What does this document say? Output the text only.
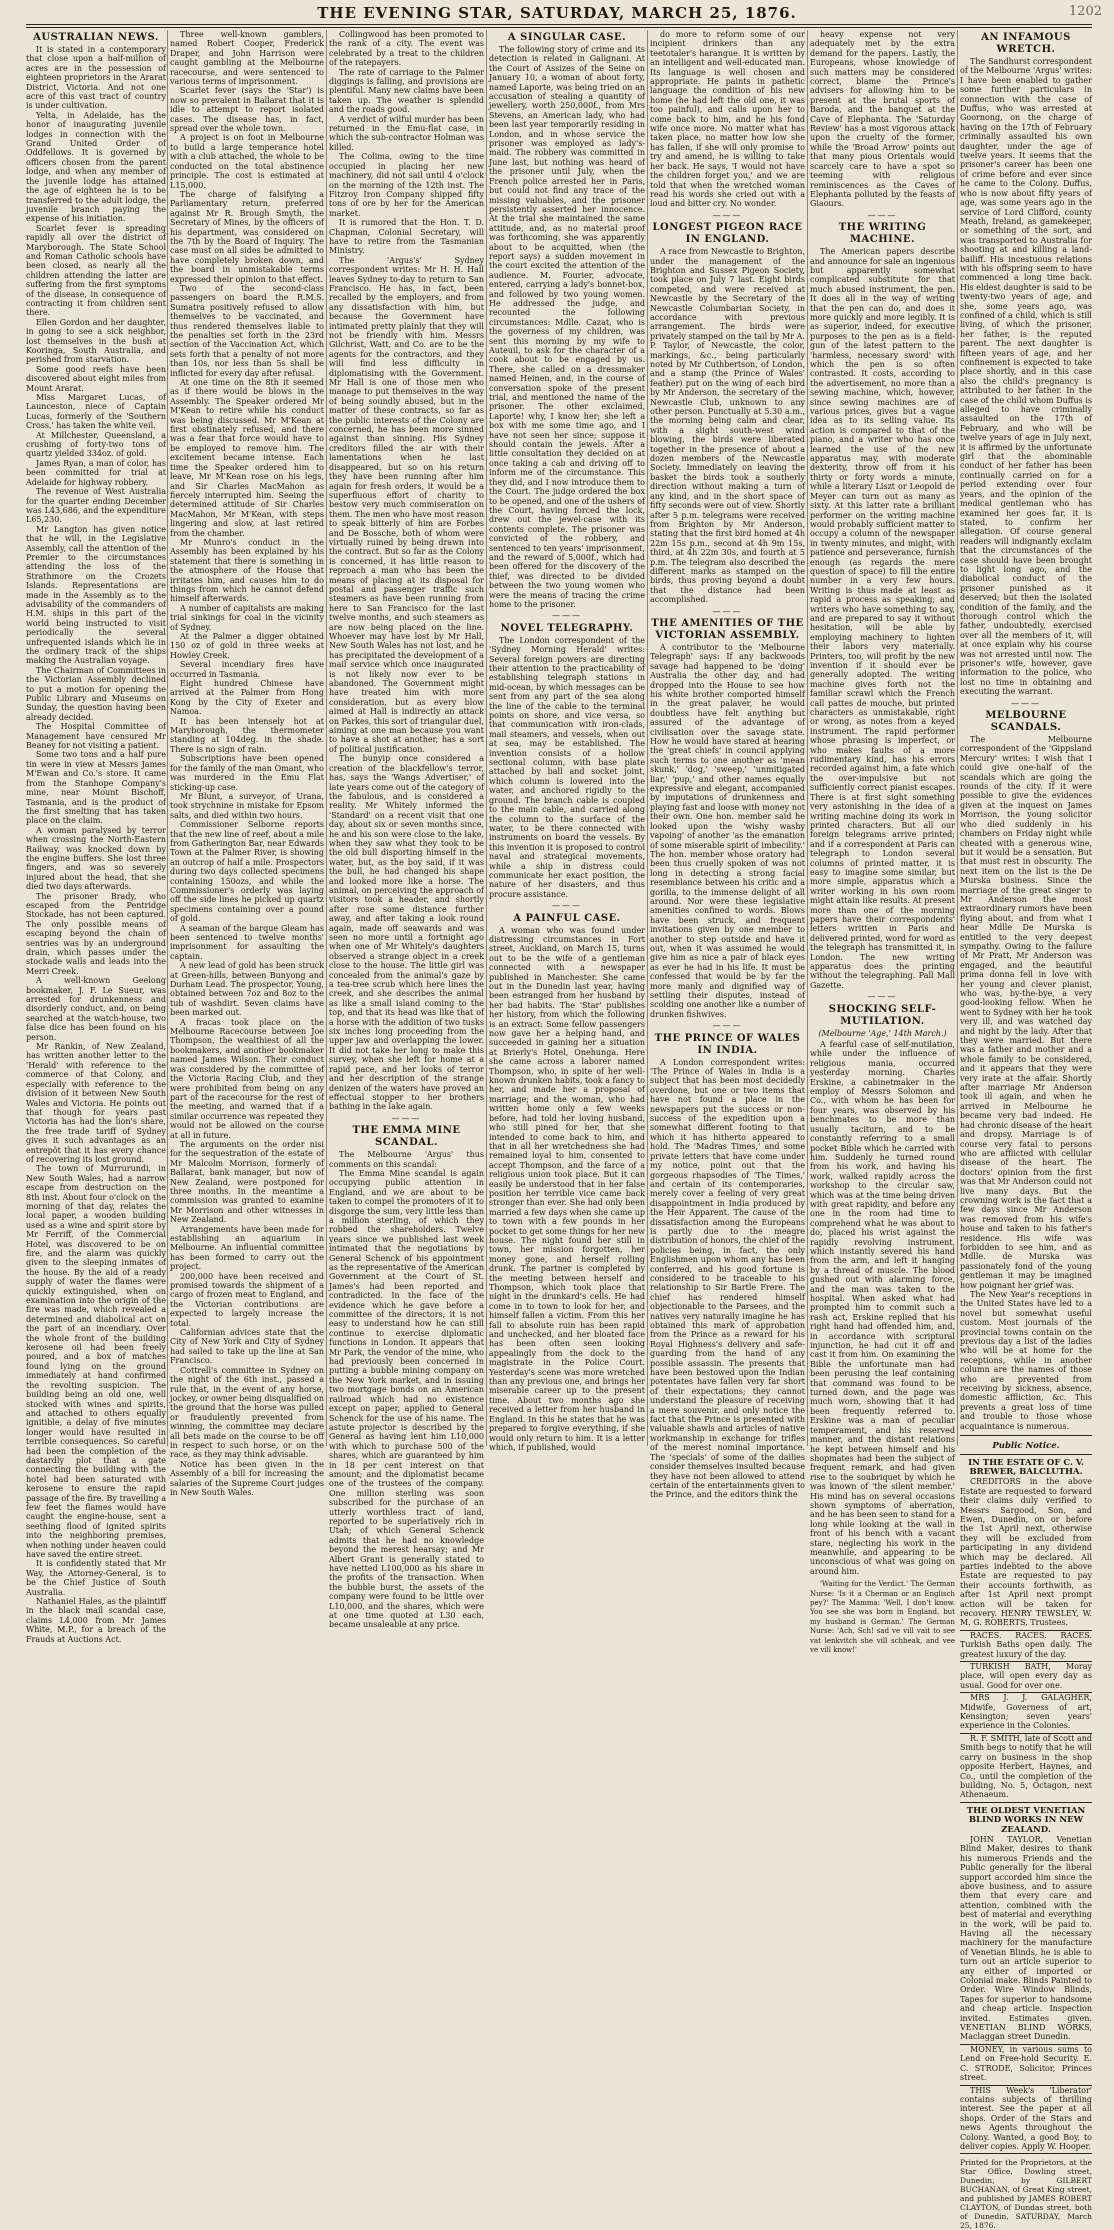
THE EVENING STAR, SATURDAY, MARCH 25, 1876.	1202
AUSTRALIAN NEWS.

It is stated in a contemporary that close upon a half-million of acres are in the possession of eighteen proprietors in the Ararat District, Victoria. And not one acre of this vast tract of country is under cultivation.

Yelta, in Adelaide, has the honor of inaugurating juvenile lodges in connection with the Grand United Order of Oddfellows. It is governed by officers chosen from the parent lodge, and when any member of the juvenile lodge has attained the age of eighteen he is to be transferred to the adult lodge, the juvenile branch paying the expense of his initiation.

Scarlet fever is spreading rapidly all over the district of Maryborough. The State School and Roman Catholic schools have been closed, as nearly all the children attending the latter are suffering from the first symptoms of the disease, in consequence of contracting it from children sent there.

Ellen Gordon and her daughter, in going to see a sick neighbor, lost themselves in the bush at Kooringa, South Australia, and perished from starvation.

Some good reefs have been discovered about eight miles from Mount Ararat.

Miss Margaret Lucas, of Launceston, niece of Captain Lucas, formerly of the 'Southern Cross,' has taken the white veil.

At Millchester, Queensland, a crushing of forty-two tons of quartz yielded 334oz. of gold.

James Ryan, a man of color, has been committed for trial at Adelaide for highway robbery.

The revenue of West Australia for the quarter ending December was L43,686, and the expenditure L65,230.

Mr Langton has given notice that he will, in the Legislative Assembly, call the attention of the Premier to the circumstances attending the loss of the Strathmore on the Crozets Islands. Representations are made in the Assembly as to the advisability of the commanders of H.M. ships in this part of the world being instructed to visit periodically the several unfrequented islands which lie in the ordinary track of the ships making the Australian voyage.

The Chairman of Committees in the Victorian Assembly declined to put a motion for opening the Public Library and Museums on Sunday, the question having been already decided.

The Hospital Committee of Management have censured Mr Beaney for not visiting a patient.

Some two tons and a half pure tin were in view at Messrs James M'Ewan and Co.'s store. It came from the Stanhope Company's mine, near Mount Bischoff, Tasmania, and is the product of the first smelting that has taken place on the claim.

A woman paralysed by terror when crossing the North-Eastern Railway, was knocked down by the engine buffers. She lost three fingers, and was so severely injured about the head, that she died two days afterwards.

The prisoner Brady, who escaped from the Pentridge Stockade, has not been captured. The only possible means of escaping beyond the chain of sentries was by an underground drain, which passes under the stockade walls and leads into the Merri Creek.

A well-known Geelong bookmaker, J. F. Le Sueur, was arrested for drunkenness and disorderly conduct, and, on being searched at the watch-house, two false dice has been found on his person.

Mr Rankin, of New Zealand, has written another letter to the 'Herald' with reference to the commerce of that Colony, and especially with reference to the division of it between New South Wales and Victoria. He points out that though for years past Victoria has had the lion's share, the free trade tariff of Sydney gives it such advantages as an entrepôt that it has every chance of recovering its lost ground.

The town of Murrurundi, in New South Wales, had a narrow escape from destruction on the 8th inst. About four o'clock on the morning of that day, relates the local paper, a wooden building used as a wine and spirit store by Mr Ferriff, of the Commercial Hotel, was discovered to be on fire, and the alarm was quickly given to the sleeping inmates of the house. By the aid of a ready supply of water the flames were quickly extinguished, when on examination into the origin of the fire was made, which revealed a determined and diabolical act on the part of an incendiary. Over the whole front of the building kerosene oil had been freely poured, and a box of matches found lying on the ground immediately at hand confirmed the revolting suspicion. The building being an old one, well stocked with wines and spirits, and attached to others equally ignitible, a delay of five minutes longer would have resulted in terrible consequences. So careful had been the completion of the dastardly plot that a gate connecting the building with the hotel had been saturated with kerosene to ensure the rapid passage of the fire. By travelling a few feet the flames would have caught the engine-house, sent a seething flood of ignited spirits into the neighboring premises, when nothing under heaven could have saved the entire street.

It is confidently stated that Mr Way, the Attorney-General, is to be the Chief Justice of South Australia.

Nathaniel Hales, as the plaintiff in the black mail scandal case, claims L4,000 from Mr James White, M.P., for a breach of the Frauds at Auctions Act.

Three well-known gamblers, named Robert Cooper, Frederick Draper, and John Harrison were caught gambling at the Melbourne racecourse, and were sentenced to various terms of imprisonment.

Scarlet fever (says the 'Star') is now so prevalent in Ballarat that it is idle to attempt to report isolated cases. The disease has, in fact, spread over the whole town.

A project is on foot in Melbourne to build a large temperance hotel with a club attached, the whole to be conducted on the total abstinence principle. The cost is estimated at L15,000.

The charge of falsifying a Parliamentary return, preferred against Mr R. Brough Smyth, the Secretary of Mines, by the officers of his department, was considered on the 7th by the Board of Inquiry. The case must on all sides be admitted to have completely broken down, and the board in unmistakable terms expressed their opinion to that effect.

Two of the second-class passengers on board the R.M.S. Sumatra positively refused to allow themselves to be vaccinated, and thus rendered themselves liable to the penalties set forth in the 23rd section of the Vaccination Act, which sets forth that a penalty of not more than 10s, nor less than 5s shall be inflicted for every day after refusal.

At one time on the 8th it seemed as if there would be blows in the Assembly. The Speaker ordered Mr M'Kean to retire while his conduct was being discussed. Mr M'Kean at first obstinately refused, and there was a fear that force would have to be employed to remove him. The excitement became intense. Each time the Speaker ordered him to leave, Mr M'Kean rose on his legs, and Sir Charles MacMahon as fiercely interrupted him. Seeing the determined attitude of Sir Charles MacMahon, Mr M'Kean, with steps lingering and slow, at last retired from the chamber.

Mr Munro's conduct in the Assembly has been explained by his statement that there is something in the atmosphere of the House that irritates him, and causes him to do things from which he cannot defend himself afterwards.

A number of capitalists are making trial sinkings for coal in the vicinity of Sydney.

At the Palmer a digger obtained 150 oz of gold in three weeks at Howley Creek.

Several incendiary fires have occurred in Tasmania.

Eight hundred Chinese have arrived at the Palmer from Hong Kong by the City of Exeter and Namoa.

It has been intensely hot at Maryborough, the thermometer standing at 104deg. in the shade. There is no sign of rain.

Subscriptions have been opened for the family of the man Omant, who was murdered in the Emu Flat sticking-up case.

Mr Blunt, a surveyor, of Urana, took strychnine in mistake for Epsom salts, and died within two hours.

Commissioner Selborne reports that the new line of reef, about a mile from Gatherington Bar, near Edwards Town at the Palmer River, is showing an outcrop of half a mile. Prospectors during two days collected specimens containing 150ozs, and while the Commissioner's orderly was laying off the side lines he picked up quartz specimens containing over a pound of gold.

A seaman of the barque Gleam has been sentenced to twelve months' imprisonment for assaulting the captain.

A new lead of gold has been struck at Green-hills, between Bunyong and Durham Lead. The prospector, Young, obtained between 7oz and 8oz to the tub of washdirt. Seven claims have been marked out.

A fracas took place on the Melbourne Racecourse between Joe Thompson, the wealthiest of all the bookmakers, and another bookmaker named James Wilson. Their conduct was considered by the committee of the Victoria Racing Club, and they were prohibited from being on any part of the racecourse for the rest of the meeting, and warned that if a similar occurrence was repeated they would not be allowed on the course at all in future.

The arguments on the order nisi for the sequestration of the estate of Mr Malcolm Morrison, formerly of Ballarat, bank manager, but now of New Zealand, were postponed for three months. In the meantime a commission was granted to examine Mr Morrison and other witnesses in New Zealand.

Arrangements have been made for establishing an aquarium in Melbourne. An influential committee has been formed to carry out the project.

200,000 have been received and promised towards the shipment of a cargo of frozen meat to England, and the Victorian contributions are expected to largely increase the total.

Californian advices state that the City of New York and City of Sydney had sailed to take up the line at San Francisco.

Cottrell's committee in Sydney on the night of the 6th inst., passed a rule that, in the event of any horse, jockey, or owner being disqualified on the ground that the horse was pulled or fraudulently prevented from winning, the committee may declare all bets made on the course to be off in respect to such horse, or on the race, as they may think advisable.

Notice has been given in the Assembly of a bill for increasing the salaries of the Supreme Court judges in New South Wales.

Collingwood has been promoted to the rank of a city. The event was celebrated by a treat to the children of the ratepayers.

The rate of carriage to the Palmer diggings is falling, and provisions are plentiful. Many new claims have been taken up. The weather is splendid and the roads good.

A verdict of wilful murder has been returned in the Emu-flat case, in which the sub-contractor Holman was killed.

The Colima, owing to the time occupied in placing her new machinery, did not sail until 4 o'clock on the morning of the 12th inst. The Fitzroy Iron Company shipped fifty tons of ore by her for the American market.

It is rumored that the Hon. T. D. Chapman, Colonial Secretary, will have to retire from the Tasmanian Ministry.

The 'Argus's' Sydney correspondent writes: Mr H. H. Hall leaves Sydney to-day to return to San Francisco. He has, in fact, been recalled by the employers, and from any dissatisfaction with him, but because the Government have intimated pretty plainly that they will not be friendly with him. Messrs Gilchrist, Watt, and Co. are to be the agents for the contractors, and they will find less difficulty in diplomatising with the Government. Mr Hall is one of those men who manage to put themselves in the way of being soundly abused, but in the matter of these contracts, so far as the public interests of the Colony are concerned, he has been more sinned against than sinning. His Sydney creditors filled the air with their lamentations when he last disappeared, but so on his return they have been running after him again for fresh orders, it would be a superfluous effort of charity to bestow very much commiseration on them. The men who have most reason to speak bitterly of him are Forbes and De Bossche, both of whom were virtually ruined by being drawn into the contract. But so far as the Colony is concerned, it has little reason to reproach a man who has been the means of placing at its disposal for postal and passenger traffic such steamers as have been running from here to San Francisco for the last twelve months, and such steamers as are now being placed on the line. Whoever may have lost by Mr Hall, New South Wales has not lost, and he has precipitated the development of a mail service which once inaugurated is not likely now ever to be abandoned. The Government might have treated him with more consideration, but as every blow aimed at Hall is indirectly an attack on Parkes, this sort of triangular duel, aiming at one man because you want to have a shot at another, has a sort of political justification.

The bunyip once considered a creation of the blackfellow's terror, has, says the 'Wangs Advertiser,' of late years come out of the category of the fabulous, and is considered a reality. Mr Whitely informed the 'Standard' on a recent visit that one day, about six or seven months since, he and his son were close to the lake, when they saw what they took to be the old bull disporting himself in the water, but, as the boy said, if it was the bull, he had changed his shape and looked more like a horse. The animal, on perceiving the approach of visitors took a header, and shortly after rose some distance further away, and after taking a look round again, made off seawards and was seen no more until a fortnight ago when one of Mr Whitely's daughters observed a strange object in a creek close to the house. The little girl was concealed from the animal's gaze by a tea-tree scrub which here lines the creek, and she describes the animal as like a small island coming to the top, and that its head was like that of a horse with the addition of two tusks six inches long proceeding from the upper jaw and overlapping the lower. It did not take her long to make this survey, when she left for home at a rapid pace, and her looks of terror and her description of the strange denizen of the waters have proved an effectual stopper to her brothers bathing in the lake again.

———
THE EMMA MINE SCANDAL.

The Melbourne 'Argus' thus comments on this scandal:

The Emma Mine scandal is again occupying public attention in England, and we are about to be taken to compel the promoters of it to disgorge the sum, very little less than a million sterling, of which they robbed the shareholders. Twelve years since we published last week intimated that the negotiations by General Schenck of his appointment as the representative of the American Government at the Court of St. James's had been reported and contradicted. In the face of the evidence which he gave before a committee of the directors, it is not easy to understand how he can still continue to exercise diplomatic functions in London. It appears that Mr Park, the vendor of the mine, who had previously been concerned in putting a bubble mining company on the New York market, and in issuing two mortgage bonds on an American railroad which had no existence except on paper, applied to General Schenck for the use of his name. The astute projector is described by the General as having lent him L10,000 with which to purchase 500 of the shares, which are guaranteed by him in 18 per cent interest on that amount; and the diplomatist became one of the trustees of the company. One million sterling was soon subscribed for the purchase of an utterly worthless tract of land, reported to be superlatively rich in Utah; of which General Schenck admits that he had no knowledge beyond the merest hearsay; and Mr Albert Grant is generally stated to have netted L100,000 as his share in the profits of the transaction. When the bubble burst, the assets of the company were found to be little over L10,000, and the shares, which were at one time quoted at L30 each, became unsaleable at any price.

A SINGULAR CASE.

The following story of crime and its detection is related in Galignani. At the Court of Assizes of the Seine on January 10, a woman of about forty, named Laporte, was being tried on an accusation of stealing a quantity of jewellery, worth 250,000f., from Mrs Stevens, an American lady, who had been last year temporarily residing in London, and in whose service the prisoner was employed as lady's-maid. The robbery was committed in June last, but nothing was heard of the prisoner until July, when the French police arrested her in Paris, but could not find any trace of the missing valuables, and the prisoner persistently asserted her innocence. At the trial she maintained the same attitude, and, as no material proof was forthcoming, she was apparently about to be acquitted, when (the report says) a sudden movement in the court excited the attention of the audience. M. Fourier, advocate, entered, carrying a lady's bonnet-box, and followed by two young women. He addressed the judge, and recounted the following circumstances: Mdlle. Cazat, who is the governess of my children, was sent this morning by my wife to Auteuil, to ask for the character of a cook about to be engaged by us. There, she called on a dressmaker named Heinen, and, in the course of conversation spoke of the present trial, and mentioned the name of the prisoner. The other exclaimed, Laporte! why, I know her; she left a box with me some time ago, and I have not seen her since; suppose it should contain the jewels. After a little consultation they decided on at once taking a cab and driving off to inform me of the circumstance. This they did, and I now introduce them to the Court. The judge ordered the box to be opened, and one of the ushers of the Court, having forced the lock, drew out the jewel-case with its contents complete. The prisoner was convicted of the robbery, and sentenced to ten years' imprisonment, and the reward of 5,000f., which had been offered for the discovery of the thief, was directed to be divided between the two young women who were the means of tracing the crime home to the prisoner.

———
NOVEL TELEGRAPHY.

The London correspondent of the 'Sydney Morning Herald' writes: Several foreign powers are directing their attention to the practicability of establishing telegraph stations in mid-ocean, by which messages can be sent from any part of the sea along the line of the cable to the terminal points on shore, and vice versa, so that communication with iron-clads, mail steamers, and vessels, when out at sea, may be established. The invention consists of a hollow sectional column, with base plate attached by ball and socket joint, which column is lowered into the water, and anchored rigidly to the ground. The branch cable is coupled to the main cable, and carried along the column to the surface of the water, to be there connected with instruments on board the vessels. By this invention it is proposed to control naval and strategical movements, while a ship in distress could communicate her exact position, the nature of her disasters, and thus procure assistance.

———
A PAINFUL CASE.

A woman who was found under distressing circumstances in Fort street, Auckland, on March 15, turns out to be the wife of a gentleman connected with a newspaper published in Manchester. She came out in the Dunedin last year, having been estranged from her husband by her bad habits. The 'Star' publishes her history, from which the following is an extract: Some fellow passengers now gave her a helping hand, and succeeded in gaining her a situation at Brierly's Hotel, Onehunga. Here she came across a laborer named Thompson, who, in spite of her well-known drunken habits, took a fancy to her, and made her a proposal of marriage; and the woman, who had written home only a few weeks before, had told her loving husband, who still pined for her, that she intended to come back to him, and that in all her wretchedness she had remained loyal to him, consented to accept Thompson, and the farce of a religious union took place. But it can easily be understood that in her false position her terrible vice came back stronger than ever. She had only been married a few days when she came up to town with a few pounds in her pocket to get some things for her new house. The night found her still in town, her mission forgotten, her money gone, and herself rolling drunk. The partner is completed by the meeting between herself and Thompson, which took place that night in the drunkard's cells. He had come in to town to look for her, and himself fallen a victim. From this her fall to absolute ruin has been rapid and unchecked, and her bloated face has been often seen looking appealingly from the dock to the magistrate in the Police Court. Yesterday's scene was more wretched than any previous one, and brings her miserable career up to the present time. About two months ago she received a letter from her husband in England. In this he states that he was prepared to forgive everything, if she would only return to him. It is a letter which, if published, would

do more to reform some of our incipient drinkers than any teetotaler's harangue. It is written by an intelligent and well-educated man. Its language is well chosen and appropriate. He paints in pathetic language the condition of his new home (he had left the old one, it was too painful), and calls upon her to come back to him, and he his fond wife once more. No matter what has taken place, no matter how low she has fallen, if she will only promise to try and amend, he is willing to take her back. He says, 'I would not have the children forget you,' and we are told that when the wretched woman read his words she cried out with a loud and bitter cry. No wonder.

———
LONGEST PIGEON RACE IN ENGLAND.

A race from Newcastle to Brighton, under the management of the Brighton and Sussex Pigeon Society, took place on July 7 last. Eight birds competed, and were received at Newcastle by the Secretary of the Newcastle Columbarian Society, in accordance with previous arrangement. The birds were privately stamped on the tail by Mr A. P. Taylor, of Newcastle, the color, markings, &c., being particularly noted by Mr Cuthbertson, of London, and a stamp (the Prince of Wales' feather) put on the wing of each bird by Mr Anderson, the secretary of the Newcastle Club, unknown to any other person. Punctually at 5.30 a.m., the morning being calm and clear, with a slight south-west wind blowing, the birds were liberated together in the presence of about a dozen members of the Newcastle Society. Immediately on leaving the basket the birds took a southerly direction without making a turn of any kind, and in the short space of fifty seconds were out of view. Shortly after 5 p.m. telegrams were received from Brighton by Mr Anderson, stating that the first bird homed at 4h 22m 15s p.m., second at 4h 9m 15s, third, at 4h 22m 30s, and fourth at 5 p.m. The telegram also described the different marks as stamped on the birds, thus proving beyond a doubt that the distance had been accomplished.

———
THE AMENITIES OF THE VICTORIAN ASSEMBLY.

A contributor to the 'Melbourne Telegraph' says: If any backwoods savage had happened to be 'doing' Australia the other day, and had dropped into the House to see how his white brother comported himself in the great palaver, he would doubtless have felt anything but assured of the advantage of civilisation over the savage state. How he would have stared at hearing the 'great chiefs' in council applying such terms to one another as 'mean skunk,' 'dog,' 'sweep,' 'unmitigated liar,' 'pup,' and other names equally expressive and elegant, accompanied by imputations of drunkenness and playing fast and loose with money not their own. One hon. member said he looked upon the 'wishy washy vapoing' of another 'as the emanation of some miserable spirit of imbecility.' The hon. member whose oratory had been thus cruelly spoken of was not long in detecting a strong facial resemblance between his critic and a gorilla, to the immense delight of all around. Nor were these legislative amenities confined to words. Blows have been struck, and frequent invitations given by one member to another to step outside and have it out, when it was assumed he would give him as nice a pair of black eyes as ever he had in his life. It must be confessed that would be by far the more manly and dignified way of settling their disputes, instead of scolding one another like a number of drunken fishwives.

———
THE PRINCE OF WALES IN INDIA.

A London correspondent writes: 'The Prince of Wales in India is a subject that has been most decidedly overdone, but one or two items that have not found a place in the newspapers put the success or non-success of the expedition upon a somewhat different footing to that which it has hitherto appeared to hold. The 'Madras Times,' and some private letters that have come under my notice, point out that the gorgeous rhapsodies of 'The Times,' and certain of its contemporaries, merely cover a feeling of very great disappointment in India produced by the Heir Apparent. The cause of the dissatisfaction among the Europeans is partly due to the meagre distribution of honors, the chief of the policies being, in fact, the only Englishmen upon whom any has been conferred, and his good fortune is considered to be traceable to his relationship to Sir Bartle Frere. The chief has rendered himself objectionable to the Parsees, and the natives very naturally imagine he has obtained this mark of approbation from the Prince as a reward for his Royal Highness's delivery and safe-guarding from the hand of any possible assassin. The presents that have been bestowed upon the Indian potentates have fallen very far short of their expectations; they cannot understand the pleasure of receiving a mere souvenir, and only notice the fact that the Prince is presented with valuable shawls and articles of native workmanship in exchange for trifles of the merest nominal importance. The 'specials' of some of the dailies consider themselves insulted because they have not been allowed to attend certain of the entertainments given to the Prince, and the editors think the

heavy expense not very adequately met by the extra demand for the papers. Lastly, the Europeans, whose knowledge of such matters may be considered correct, blame the Prince's advisers for allowing him to be present at the brutal sports of Baroda, and the banquet at the Cave of Elephanta. The 'Saturday Review' has a most vigorous attack upon the cruelty of the former, while the 'Broad Arrow' points out that many pious Orientals would scarcely care to have a spot so teeming with religious reminiscences as the Caves of Elephanta polluted by the feasts of Giaours.

———
THE WRITING MACHINE.

The American papers describe and announce for sale an ingenious but apparently somewhat complicated substitute for that much abused instrument, the pen. It does all in the way of writing that the pen can do, and does it more quickly and more legibly. It is as superior, indeed, for executive purposes to the pen as is a field-gun of the latest pattern to the 'harmless, necessary sword' with which the pen is so often contrasted. It costs, according to the advertisement, no more than a sewing machine, which, however, since sewing machines are of various prices, gives but a vague idea as to its selling value. Its action is compared to that of the piano, and a writer who has once learned the use of the new apparatus may, with moderate dexterity, throw off from it his thirty or forty words a minute, while a literary Liszt or Leopold de Meyer can turn out as many as sixty. At this latter rate a brilliant performer on the writing machine would probably sufficient matter to occupy a column of the newspaper in twenty minutes, and might, with patience and perseverance, furnish enough (as regards the mere question of space) to fill the entire number in a very few hours. Writing is thus made at least as rapid a process as speaking; and writers who have something to say, and are prepared to say it without hesitation, will be able by employing machinery to lighten their labors very materially. Printers, too, will profit by the new invention if it should ever be generally adopted. The writing machine gives forth not the familiar scrawl which the French call pattes de mouche, but printed characters as unmistakable, right or wrong, as notes from a keyed instrument. The rapid performer whose phrasing is imperfect, or who makes faults of a more rudimentary kind, has his errors recorded against him, a fate which the over-impulsive but not sufficiently correct pianist escapes. There is at first sight something very astonishing in the idea of a writing machine doing its work in printed characters. But all our foreign telegrams arrive printed; and if a correspondent at Paris can telegraph to London several columns of printed matter, it is easy to imagine some similar, but more simple, apparatus which a writer working in his own room might attain like results. At present more than one of the morning papers have their correspondents' letters written in Paris and delivered printed, word for word as the telegraph has transmitted it, in London. The new writing apparatus does the printing without the telegraphing. Pall Mall Gazette.

———
SHOCKING SELF-MUTILATION.
(Melbourne 'Age,' 14th March.)

A fearful case of self-mutilation, while under the influence of religious mania, occurred yesterday morning. Charles Erskine, a cabinetmaker in the employ of Messrs Solomon and Co., with whom he has been for four years, was observed by his benchmates to be more than usually taciturn, and to be constantly referring to a small pocket Bible which he carried with him. Suddenly he turned round from his work, and having his work, walked rapidly across the workshop to the circular saw, which was at the time being driven with great rapidity, and before any one in the room had time to comprehend what he was about to do, placed his wrist against the rapidly revolving instrument, which instantly severed his hand from the arm, and left it hanging by a thread of muscle. The blood gushed out with alarming force, and the man was taken to the hospital. When asked what had prompted him to commit such a rash act, Erskine replied that his right hand had offended him, and, in accordance with scriptural injunction, he had cut it off and cast it from him. On examining the Bible the unfortunate man had been perusing the leaf containing that command was found to be turned down, and the page was much worn, showing that it had been frequently referred to. Erskine was a man of peculiar temperament, and his reserved manner, and the distant relations he kept between himself and his shopmates had been the subject of frequent remark, and had given rise to the soubriquet by which he was known of 'the silent member.' His mind has on several occasions shown symptoms of aberration, and he has been seen to stand for a long while looking at the wall in front of his bench with a vacant stare, neglecting his work in the meanwhile, and appearing to be unconscious of what was going on around him.

'Waiting for the Verdict.' The German Nurse: 'Is it a Cherman or an Englisch pey?' The Mamma: 'Well, I don't know. You see she was born in England, but my husband is German.' The German Nurse: 'Ach, Sch! sad ve vill vait to see vat lenkvitch she vill schbeak, and vee ve vill know!'

AN INFAMOUS WRETCH.

The Sandhurst correspondent of the Melbourne 'Argus' writes: I have been enabled to gather some further particulars in connection with the case of Duffus, who was arrested at Goornong, on the charge of having on the 17th of February criminally assaulted his own daughter, under the age of twelve years. It seems that the prisoner's career has been one of crime before and ever since he came to the Colony. Duffus, who is now about fifty years of age, was some years ago in the service of Lord Clifford, county Meath, Ireland, as gamekeeper, or something of the sort, and was transported to Australia for shooting at and killing a land-bailiff. His incestuous relations with his offspring seem to have commenced a long time back. His eldest daughter is said to be twenty-two years of age, and she, some years ago, was confined of a child, which is still living, of which the prisoner, her father, is the reputed parent. The next daughter is fifteen years of age, and her confinement is expected to take place shortly, and in this case also the child's pregnancy is attributed to her father. In the case of the child whom Duffus is alleged to have criminally assaulted on the 17th of February, and who will be twelve years of age in July next, it is affirmed by the unfortunate girl that the abominable conduct of her father has been continually carried on for a period extending over four years, and the opinion of the medical gentleman who has examined her goes far, it is stated, to confirm her allegation. Of course general readers will indignantly exclaim that the circumstances of the case should have been brought to light long ago, and the diabolical conduct of the prisoner punished as it deserved; but then the isolated condition of the family, and the thorough control which the father, undoubtedly, exercised over all the members of it, will at once explain why his course was not arrested until now. The prisoner's wife, however, gave information to the police, who lost no time in obtaining and executing the warrant.

———
MELBOURNE SCANDALS.

The Melbourne correspondent of the 'Gippsland Mercury' writes: I wish that I could give one-half of the scandals which are going the rounds of the city. If it were possible to give the evidences given at the inquest on James Morrison, the young solicitor who died suddenly in his chambers on Friday night while cheated with a generous wine, but it would be a sensation. But that must rest in obscurity. The next item on the list is the De Murska business. Since the marriage of the great singer to Mr Anderson the most extraordinary rumors have been flying about, and from what I hear Mdlle De Murska is entitled to the very deepest sympathy. Owing to the failure of Mr Pratt, Mr Anderson was engaged, and the beautiful prima donna fell in love with her young and clever pianist, who was, by-the-bye, a very good-looking fellow. When he went to Sydney with her he took very ill, and was watched day and night by the lady. After that they were married. But there was a father and mother and a whole family to be considered, and it appears that they were very irate at the affair. Shortly after marriage Mr Anderson took ill again, and when he arrived in Melbourne he became very bad indeed. He had chronic disease of the heart and dropsy. Marriage is of course very fatal to persons who are afflicted with cellular disease of the heart. The doctors' opinion from the first was that Mr Anderson could not live many days. But the crowning work is the fact that a few days since Mr Anderson was removed from his wife's house and taken to his father's residence. His wife was forbidden to see him, and as Mdlle. de Murska was passionately fond of the young gentleman it may be imagined how poignant her grief was.

The New Year's receptions in the United States have led to a novel but somewhat useful custom. Most journals of the provincial towns contain on the previous day a list of the ladies who will be at home for the receptions, while in another column are the names of those who are prevented from receiving by sickness, absence, domestic affliction, &c. This prevents a great loss of time and trouble to those whose acquaintance is numerous.

Public Notice.
IN THE ESTATE OF C. V. BREWER, BALCLUTHA.

CREDITORS in the above Estate are requested to forward their claims duly verified to Messrs Sargood, Son, and Ewen, Dunedin, on or before the 1st April next, otherwise they will be excluded from participating in any dividend which may be declared. All parties indebted to the above Estate are requested to pay their accounts forthwith, as after 1st April next prompt action will be taken for recovery. HENRY TEWSLEY, W. M. G. ROBERTS, Trustees.

RACES. RACES. RACES. Turkish Baths open daily. The greatest luxury of the day.

TURKISH BATH, Moray place, will open every day as usual. Good for over one.

MRS J. J. GALAGHER, Midwife, Governess of art, Kensington; seven years' experience in the Colonies.

R. F. SMITH, late of Scott and Smith begs to notify that he will carry on business in the shop opposite Herbert, Haynes, and Co., until the completion of the building, No. 5, Octagon, next Athenaeum.

THE OLDEST VENETIAN BLIND WORKS IN NEW ZEALAND.

JOHN TAYLOR, Venetian Blind Maker, desires to thank his numerous Friends and the Public generally for the liberal support accorded him since the above business, and to assure them that every care and attention, combined with the best of material and everything in the work, will be paid to. Having all the necessary machinery for the manufacture of Venetian Blinds, he is able to turn out an article superior to any either of imported or Colonial make. Blinds Painted to Order. Wire Window Blinds, Tapes for superior to handsome and cheap article. Inspection invited. Estimates given. VENETIAN BLIND WORKS, Maclaggan street Dunedin.

MONEY, in various sums to Lend on Free-hold Security. E. C. STRODE, Solicitor, Princes street.

THIS Week's 'Liberator' contains subjects of thrilling interest. See the paper at all shops. Order of the Stars and news Agents throughout the Colony. Wanted, a good Boy, to deliver copies. Apply W. Hooper.

Printed for the Proprietors, at the Star Office, Dowling street, Dunedin, by GILBERT BUCHANAN, of Great King street, and published by JAMES ROBERT CLAYTON, of Dundas street, both of Dunedin, SATURDAY, March 25, 1876.
